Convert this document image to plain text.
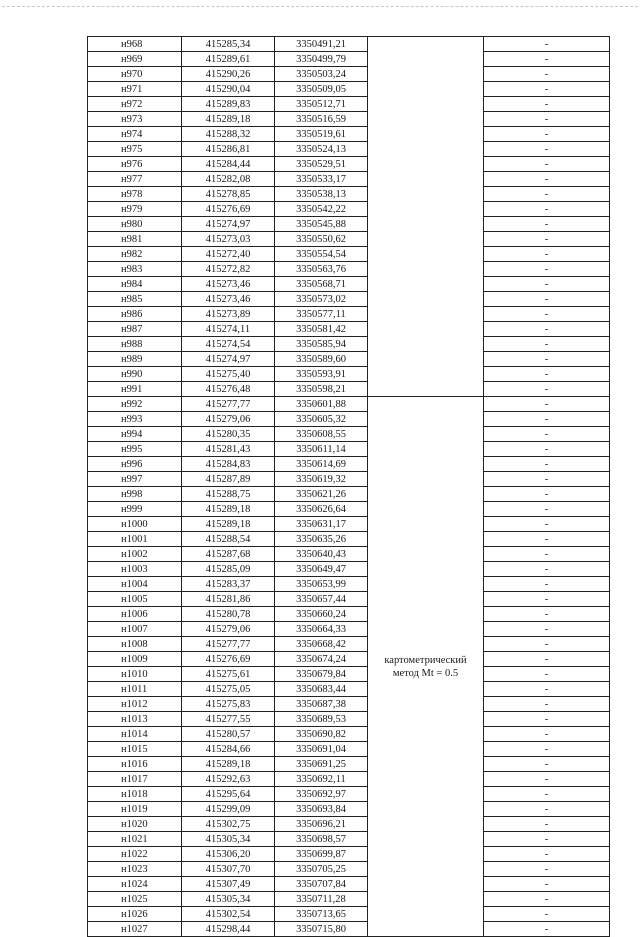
н968	415285,34	3350491,21		-
н969	415289,61	3350499,79		-
н970	415290,26	3350503,24		-
н971	415290,04	3350509,05		-
н972	415289,83	3350512,71		-
н973	415289,18	3350516,59		-
н974	415288,32	3350519,61		-
н975	415286,81	3350524,13		-
н976	415284,44	3350529,51		-
н977	415282,08	3350533,17		-
н978	415278,85	3350538,13		-
н979	415276,69	3350542,22		-
н980	415274,97	3350545,88		-
н981	415273,03	3350550,62		-
н982	415272,40	3350554,54		-
н983	415272,82	3350563,76		-
н984	415273,46	3350568,71		-
н985	415273,46	3350573,02		-
н986	415273,89	3350577,11		-
н987	415274,11	3350581,42		-
н988	415274,54	3350585,94		-
н989	415274,97	3350589,60		-
н990	415275,40	3350593,91		-
н991	415276,48	3350598,21		-
н992	415277,77	3350601,88	картометрический метод Mt = 0.5	-
н993	415279,06	3350605,32		-
н994	415280,35	3350608,55		-
н995	415281,43	3350611,14		-
н996	415284,83	3350614,69		-
н997	415287,89	3350619,32		-
н998	415288,75	3350621,26		-
н999	415289,18	3350626,64		-
н1000	415289,18	3350631,17		-
н1001	415288,54	3350635,26		-
н1002	415287,68	3350640,43		-
н1003	415285,09	3350649,47		-
н1004	415283,37	3350653,99		-
н1005	415281,86	3350657,44		-
н1006	415280,78	3350660,24		-
н1007	415279,06	3350664,33		-
н1008	415277,77	3350668,42		-
н1009	415276,69	3350674,24		-
н1010	415275,61	3350679,84		-
н1011	415275,05	3350683,44		-
н1012	415275,83	3350687,38		-
н1013	415277,55	3350689,53		-
н1014	415280,57	3350690,82		-
н1015	415284,66	3350691,04		-
н1016	415289,18	3350691,25		-
н1017	415292,63	3350692,11		-
н1018	415295,64	3350692,97		-
н1019	415299,09	3350693,84		-
н1020	415302,75	3350696,21		-
н1021	415305,34	3350698,57		-
н1022	415306,20	3350699,87		-
н1023	415307,70	3350705,25		-
н1024	415307,49	3350707,84		-
н1025	415305,34	3350711,28		-
н1026	415302,54	3350713,65		-
н1027	415298,44	3350715,80		-
